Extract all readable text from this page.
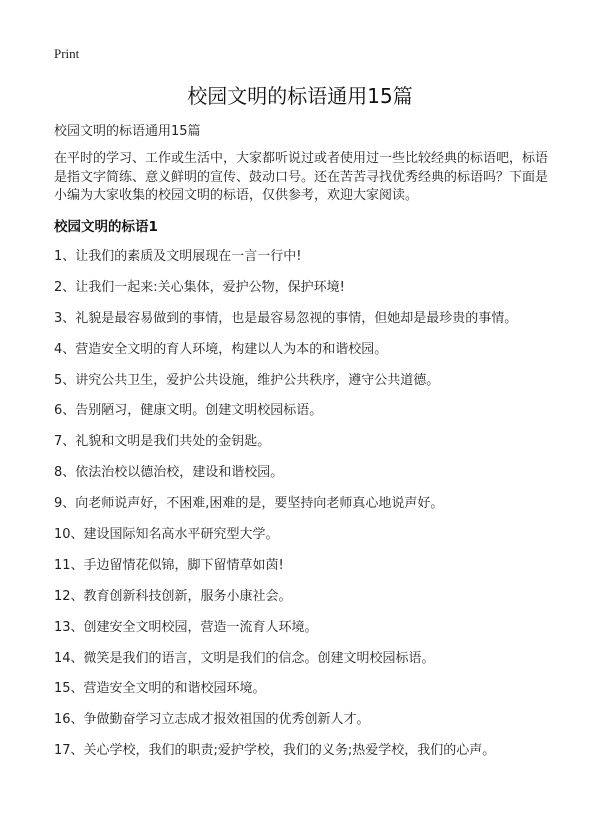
Print
校园文明的标语通用15篇
校园文明的标语通用15篇
在平时的学习、工作或生活中，大家都听说过或者使用过一些比较经典的标语吧，标语是指文字简练、意义鲜明的宣传、鼓动口号。还在苦苦寻找优秀经典的标语吗？下面是小编为大家收集的校园文明的标语，仅供参考，欢迎大家阅读。
校园文明的标语1
1、让我们的素质及文明展现在一言一行中!
2、让我们一起来:关心集体，爱护公物，保护环境!
3、礼貌是最容易做到的事情，也是最容易忽视的事情，但她却是最珍贵的事情。
4、营造安全文明的育人环境，构建以人为本的和谐校园。
5、讲究公共卫生，爱护公共设施，维护公共秩序，遵守公共道德。
6、告别陋习，健康文明。创建文明校园标语。
7、礼貌和文明是我们共处的金钥匙。
8、依法治校以德治校，建设和谐校园。
9、向老师说声好，不困难,困难的是，要坚持向老师真心地说声好。
10、建设国际知名高水平研究型大学。
11、手边留情花似锦，脚下留情草如茵!
12、教育创新科技创新，服务小康社会。
13、创建安全文明校园，营造一流育人环境。
14、微笑是我们的语言，文明是我们的信念。创建文明校园标语。
15、营造安全文明的和谐校园环境。
16、争做勤奋学习立志成才报效祖国的优秀创新人才。
17、关心学校，我们的职责;爱护学校，我们的义务;热爱学校，我们的心声。
